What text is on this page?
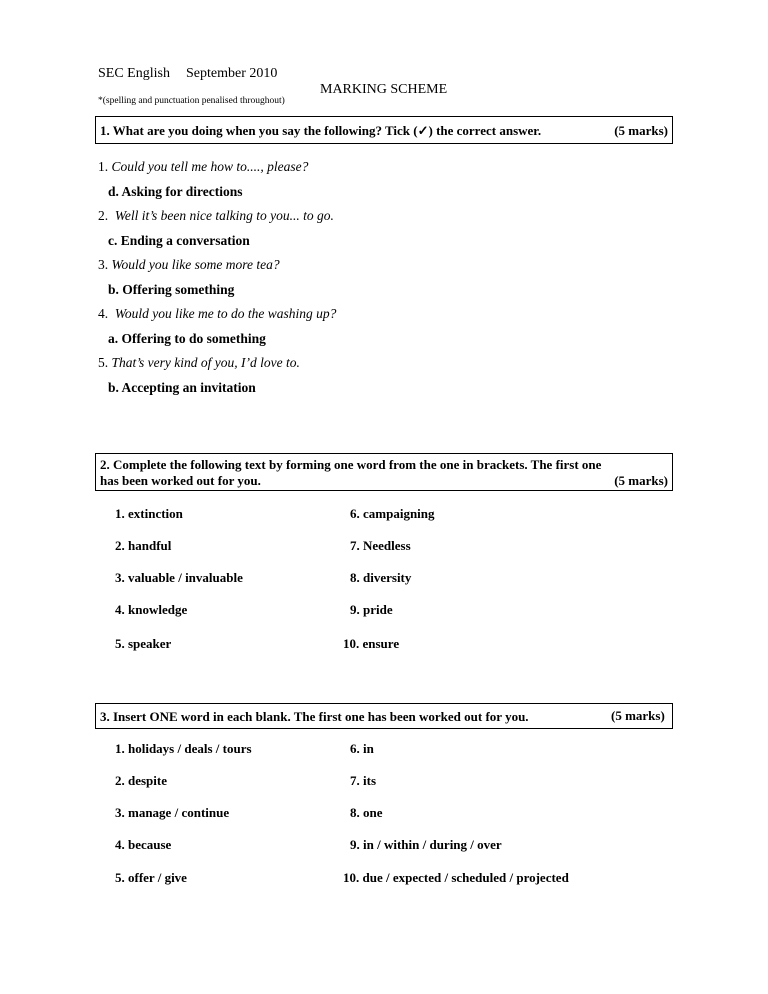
SEC English September 2010
MARKING SCHEME
*(spelling and punctuation penalised throughout)
1. What are you doing when you say the following? Tick (✓) the correct answer.	(5 marks)
1. Could you tell me how to...., please?
d. Asking for directions
2. Well it’s been nice talking to you... to go.
c. Ending a conversation
3. Would you like some more tea?
b. Offering something
4. Would you like me to do the washing up?
a. Offering to do something
5. That’s very kind of you, I’d love to.
b. Accepting an invitation
2. Complete the following text by forming one word from the one in brackets. The first one
has been worked out for you.	(5 marks)
1. extinction
2. handful
3. valuable / invaluable
4. knowledge
5. speaker
6. campaigning
7. Needless
8. diversity
9. pride
10. ensure
3. Insert ONE word in each blank. The first one has been worked out for you.	(5 marks)
1. holidays / deals / tours
2. despite
3. manage / continue
4. because
5. offer / give
6. in
7. its
8. one
9. in / within / during / over
10. due / expected / scheduled / projected
